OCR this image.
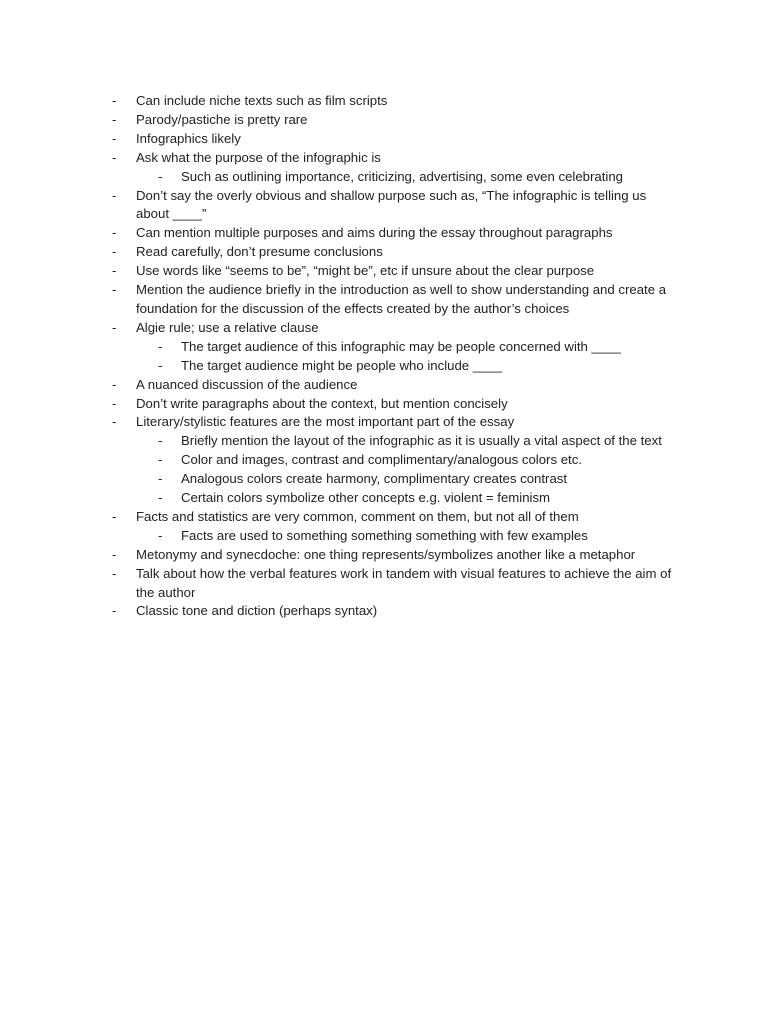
- Can include niche texts such as film scripts
- Parody/pastiche is pretty rare
- Infographics likely
- Ask what the purpose of the infographic is
- Such as outlining importance, criticizing, advertising, some even celebrating
- Don’t say the overly obvious and shallow purpose such as, “The infographic is telling us about ____”
- Can mention multiple purposes and aims during the essay throughout paragraphs
- Read carefully, don’t presume conclusions
- Use words like “seems to be”, “might be”, etc if unsure about the clear purpose
- Mention the audience briefly in the introduction as well to show understanding and create a foundation for the discussion of the effects created by the author’s choices
- Algie rule; use a relative clause
- The target audience of this infographic may be people concerned with ____
- The target audience might be people who include ____
- A nuanced discussion of the audience
- Don’t write paragraphs about the context, but mention concisely
- Literary/stylistic features are the most important part of the essay
- Briefly mention the layout of the infographic as it is usually a vital aspect of the text
- Color and images, contrast and complimentary/analogous colors etc.
- Analogous colors create harmony, complimentary creates contrast
- Certain colors symbolize other concepts e.g. violent = feminism
- Facts and statistics are very common, comment on them, but not all of them
- Facts are used to something something something with few examples
- Metonymy and synecdoche: one thing represents/symbolizes another like a metaphor
- Talk about how the verbal features work in tandem with visual features to achieve the aim of the author
- Classic tone and diction (perhaps syntax)
